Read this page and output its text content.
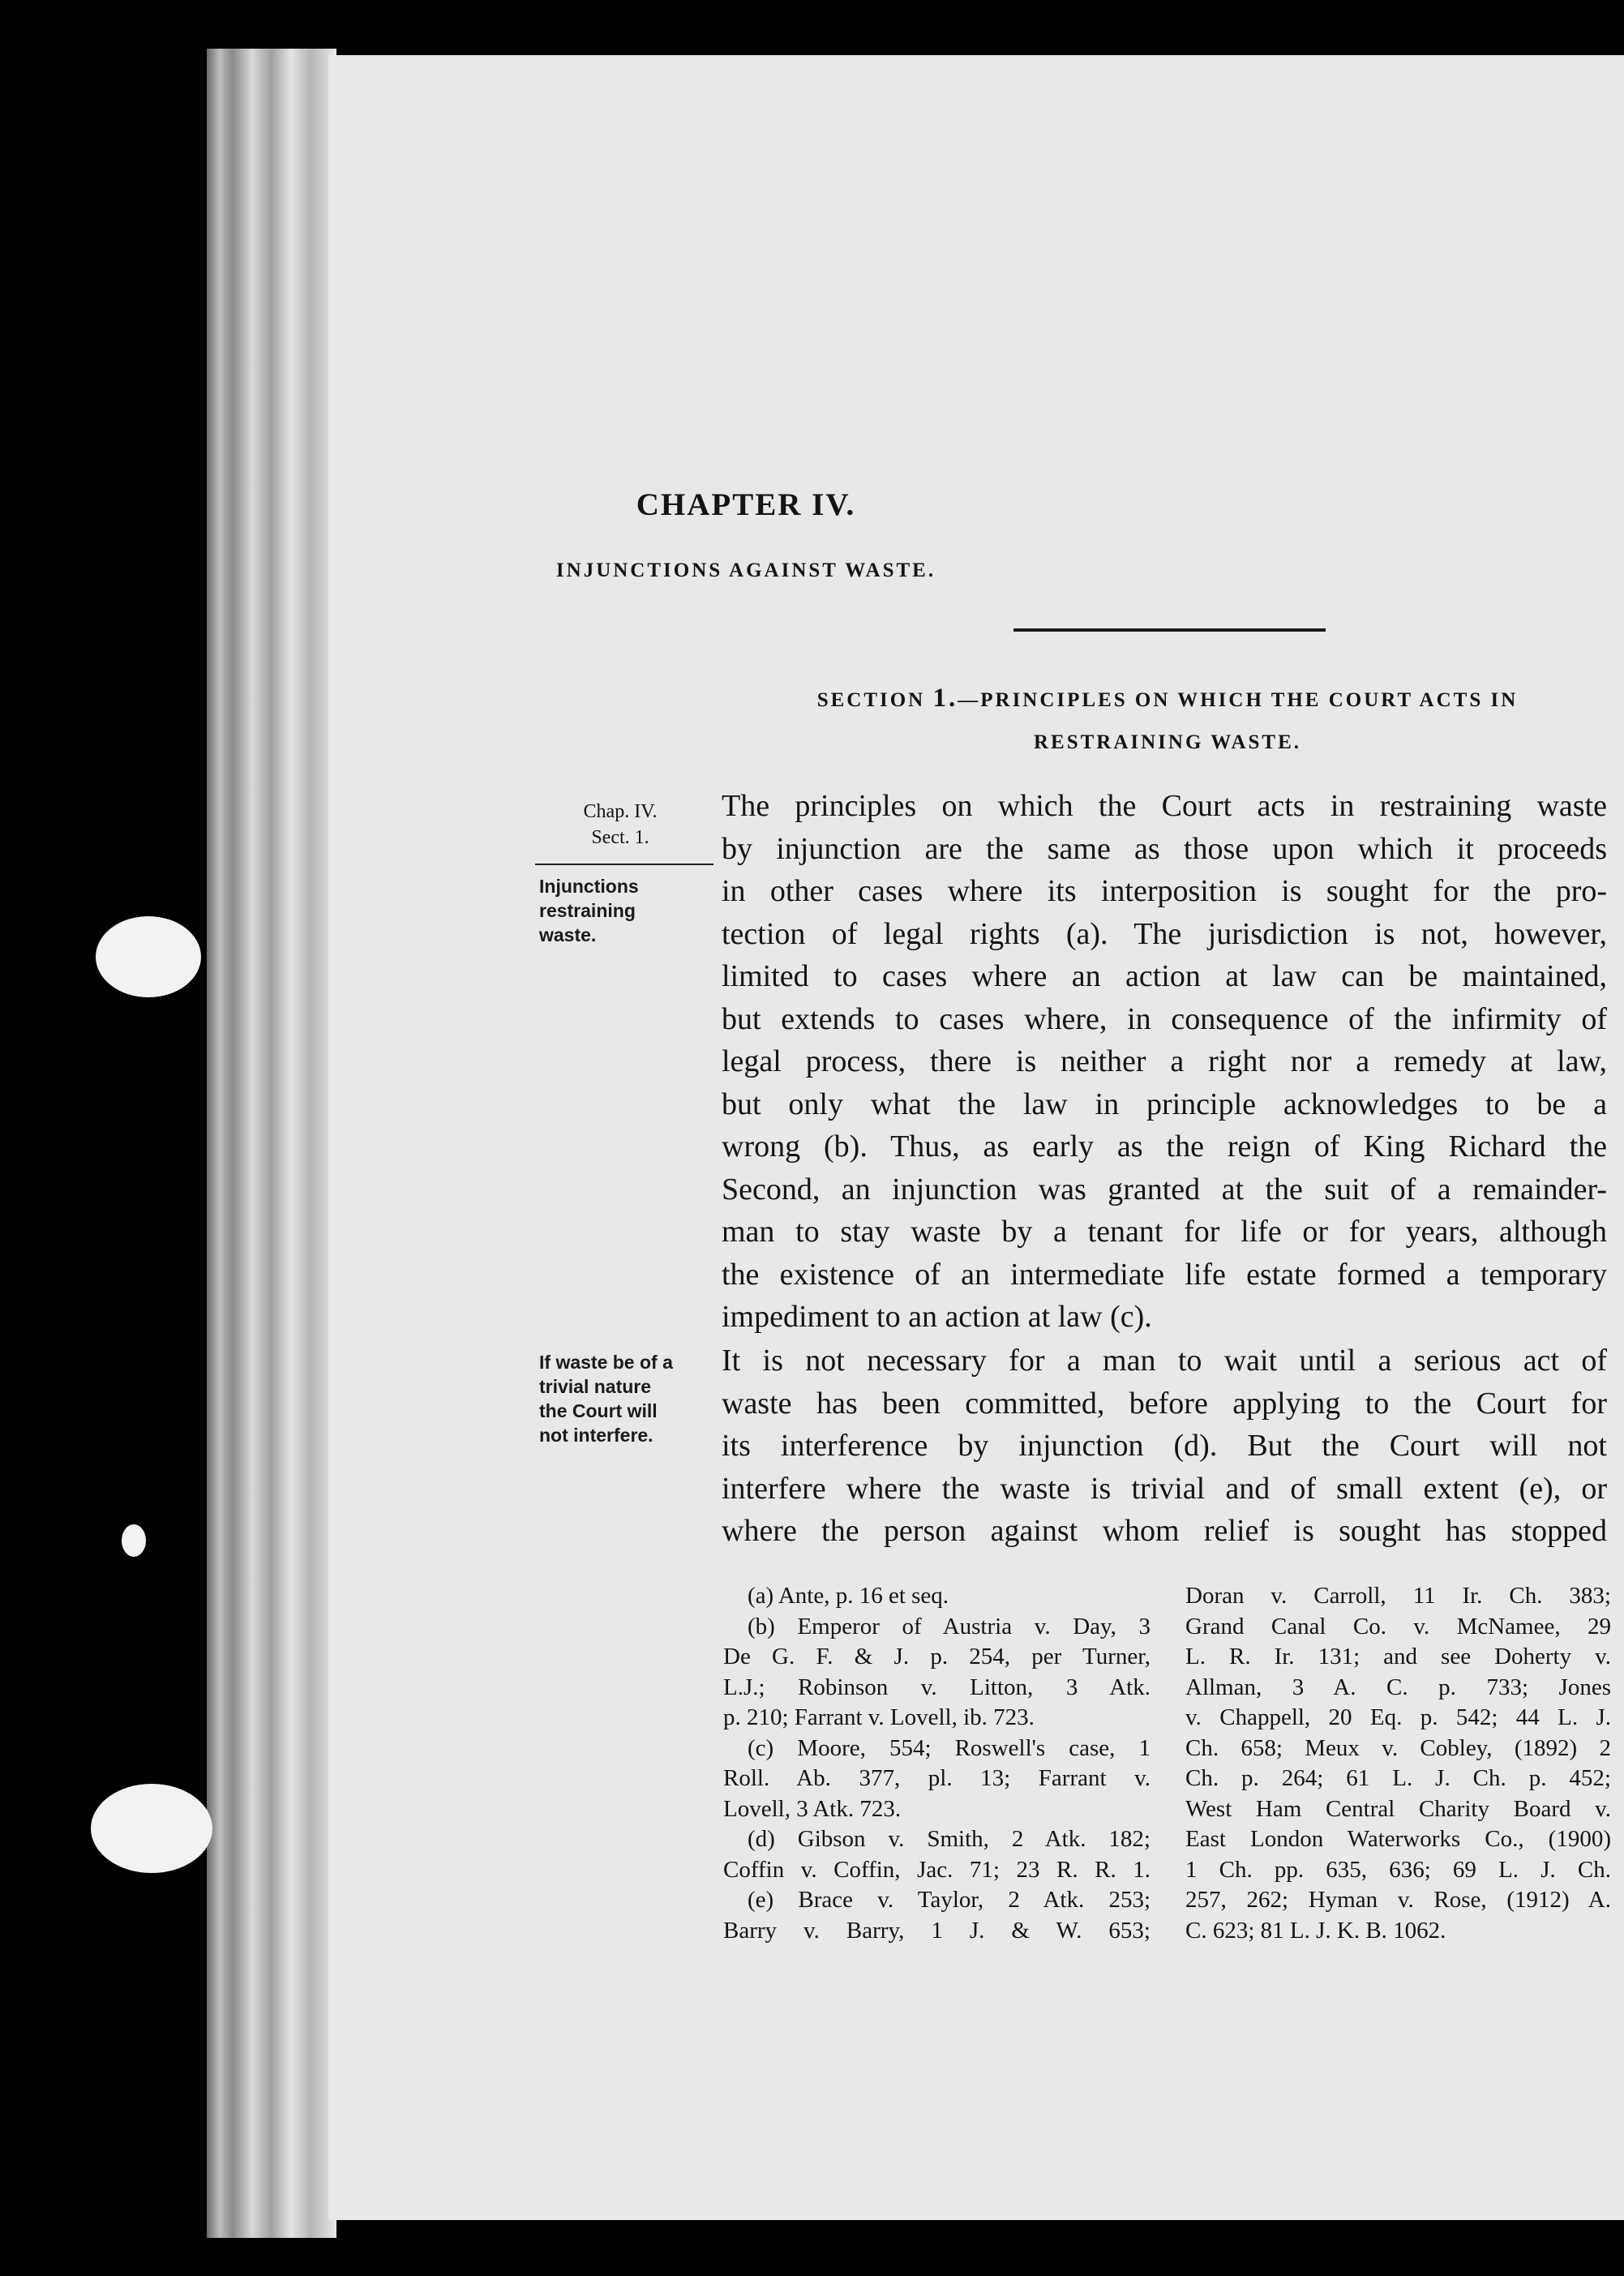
CHAPTER IV.
INJUNCTIONS AGAINST WASTE.
SECTION 1.—PRINCIPLES ON WHICH THE COURT ACTS IN
RESTRAINING WASTE.
Chap. IV.
Sect. 1.
Injunctions
restraining
waste.
If waste be of a
trivial nature
the Court will
not interfere.
The principles on which the Court acts in restraining waste
by injunction are the same as those upon which it proceeds
in other cases where its interposition is sought for the pro-
tection of legal rights (a). The jurisdiction is not, however,
limited to cases where an action at law can be maintained,
but extends to cases where, in consequence of the infirmity of
legal process, there is neither a right nor a remedy at law,
but only what the law in principle acknowledges to be a
wrong (b). Thus, as early as the reign of King Richard the
Second, an injunction was granted at the suit of a remainder-
man to stay waste by a tenant for life or for years, although
the existence of an intermediate life estate formed a temporary
impediment to an action at law (c).
It is not necessary for a man to wait until a serious act of
waste has been committed, before applying to the Court for
its interference by injunction (d). But the Court will not
interfere where the waste is trivial and of small extent (e), or
where the person against whom relief is sought has stopped
(a) Ante, p. 16 et seq.
(b) Emperor of Austria v. Day, 3
De G. F. & J. p. 254, per Turner,
L.J.; Robinson v. Litton, 3 Atk.
p. 210; Farrant v. Lovell, ib. 723.
(c) Moore, 554; Roswell's case, 1
Roll. Ab. 377, pl. 13; Farrant v.
Lovell, 3 Atk. 723.
(d) Gibson v. Smith, 2 Atk. 182;
Coffin v. Coffin, Jac. 71; 23 R. R. 1.
(e) Brace v. Taylor, 2 Atk. 253;
Barry v. Barry, 1 J. & W. 653;
Doran v. Carroll, 11 Ir. Ch. 383;
Grand Canal Co. v. McNamee, 29
L. R. Ir. 131; and see Doherty v.
Allman, 3 A. C. p. 733; Jones
v. Chappell, 20 Eq. p. 542; 44 L. J.
Ch. 658; Meux v. Cobley, (1892) 2
Ch. p. 264; 61 L. J. Ch. p. 452;
West Ham Central Charity Board v.
East London Waterworks Co., (1900)
1 Ch. pp. 635, 636; 69 L. J. Ch.
257, 262; Hyman v. Rose, (1912) A.
C. 623; 81 L. J. K. B. 1062.
